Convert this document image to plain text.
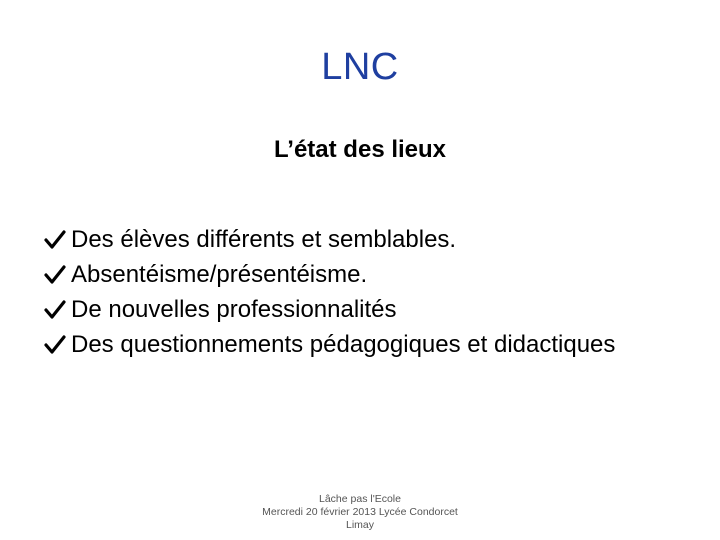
LNC
L’état des lieux
Des élèves différents et semblables.
Absentéisme/présentéisme.
De nouvelles professionnalités
Des questionnements pédagogiques et didactiques
Lâche pas l'Ecole
Mercredi 20 février 2013 Lycée Condorcet
Limay
